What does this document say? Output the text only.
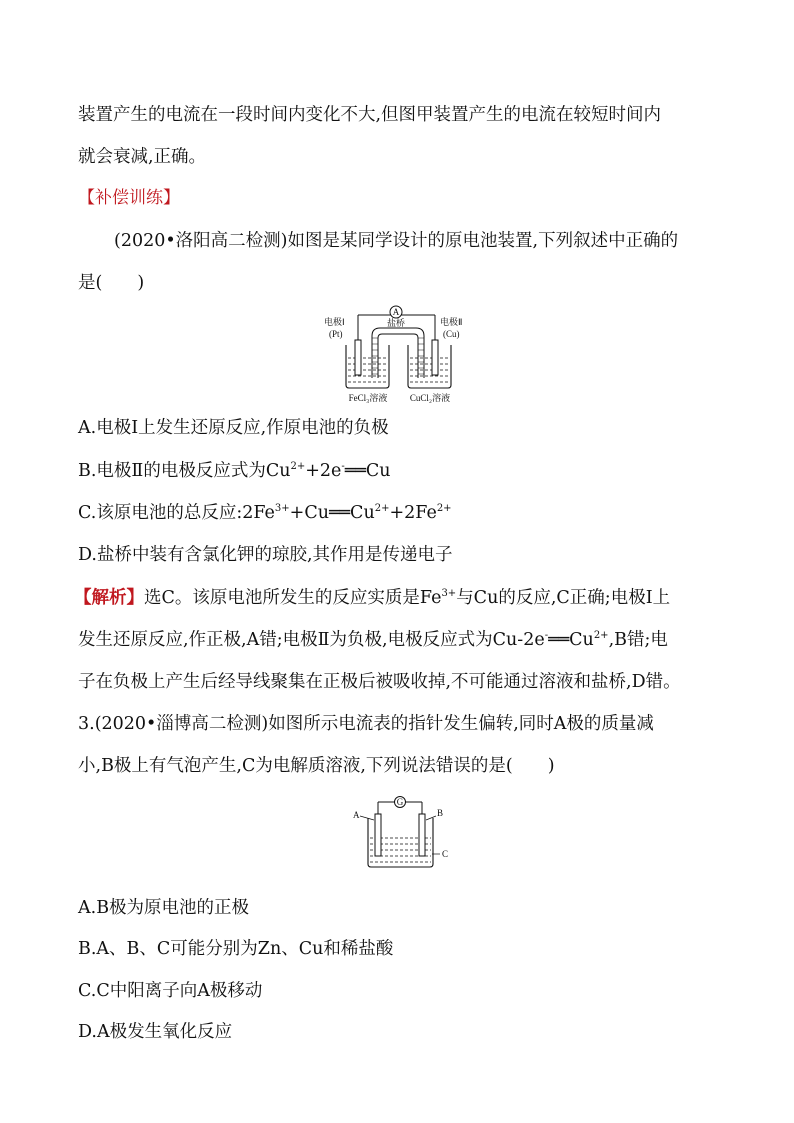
装置产生的电流在一段时间内变化不大,但图甲装置产生的电流在较短时间内
就会衰减,正确。
【补偿训练】
(2020•洛阳高二检测)如图是某同学设计的原电池装置,下列叙述中正确的
是(　　)
A
电极Ⅰ
(Pt)
电极Ⅱ
(Cu)
盐桥
FeCl₃溶液	CuCl₂溶液
A.电极Ⅰ上发生还原反应,作原电池的负极
B.电极Ⅱ的电极反应式为$Cu^{2+}+2e^-══Cu$
C.该原电池的总反应$:2Fe^{3+}+Cu══Cu^{2+}+2Fe^{2+}$
D.盐桥中装有含氯化钾的琼胶,其作用是传递电子
【解析】选C。该原电池所发生的反应实质是$Fe^{3+}$与Cu的反应,C正确;电极Ⅰ上
发生还原反应,作正极,A错;电极Ⅱ为负极,电极反应式为$Cu-2e^-══Cu^{2+},B$错;电
子在负极上产生后经导线聚集在正极后被吸收掉,不可能通过溶液和盐桥,D错。
3.(2020•淄博高二检测)如图所示电流表的指针发生偏转,同时A极的质量减
小,B极上有气泡产生,C为电解质溶液,下列说法错误的是(　　)
G
A	B
C
A.B极为原电池的正极
B.A、B、C可能分别为Zn、Cu和稀盐酸
C.C中阳离子向A极移动
D.A极发生氧化反应
